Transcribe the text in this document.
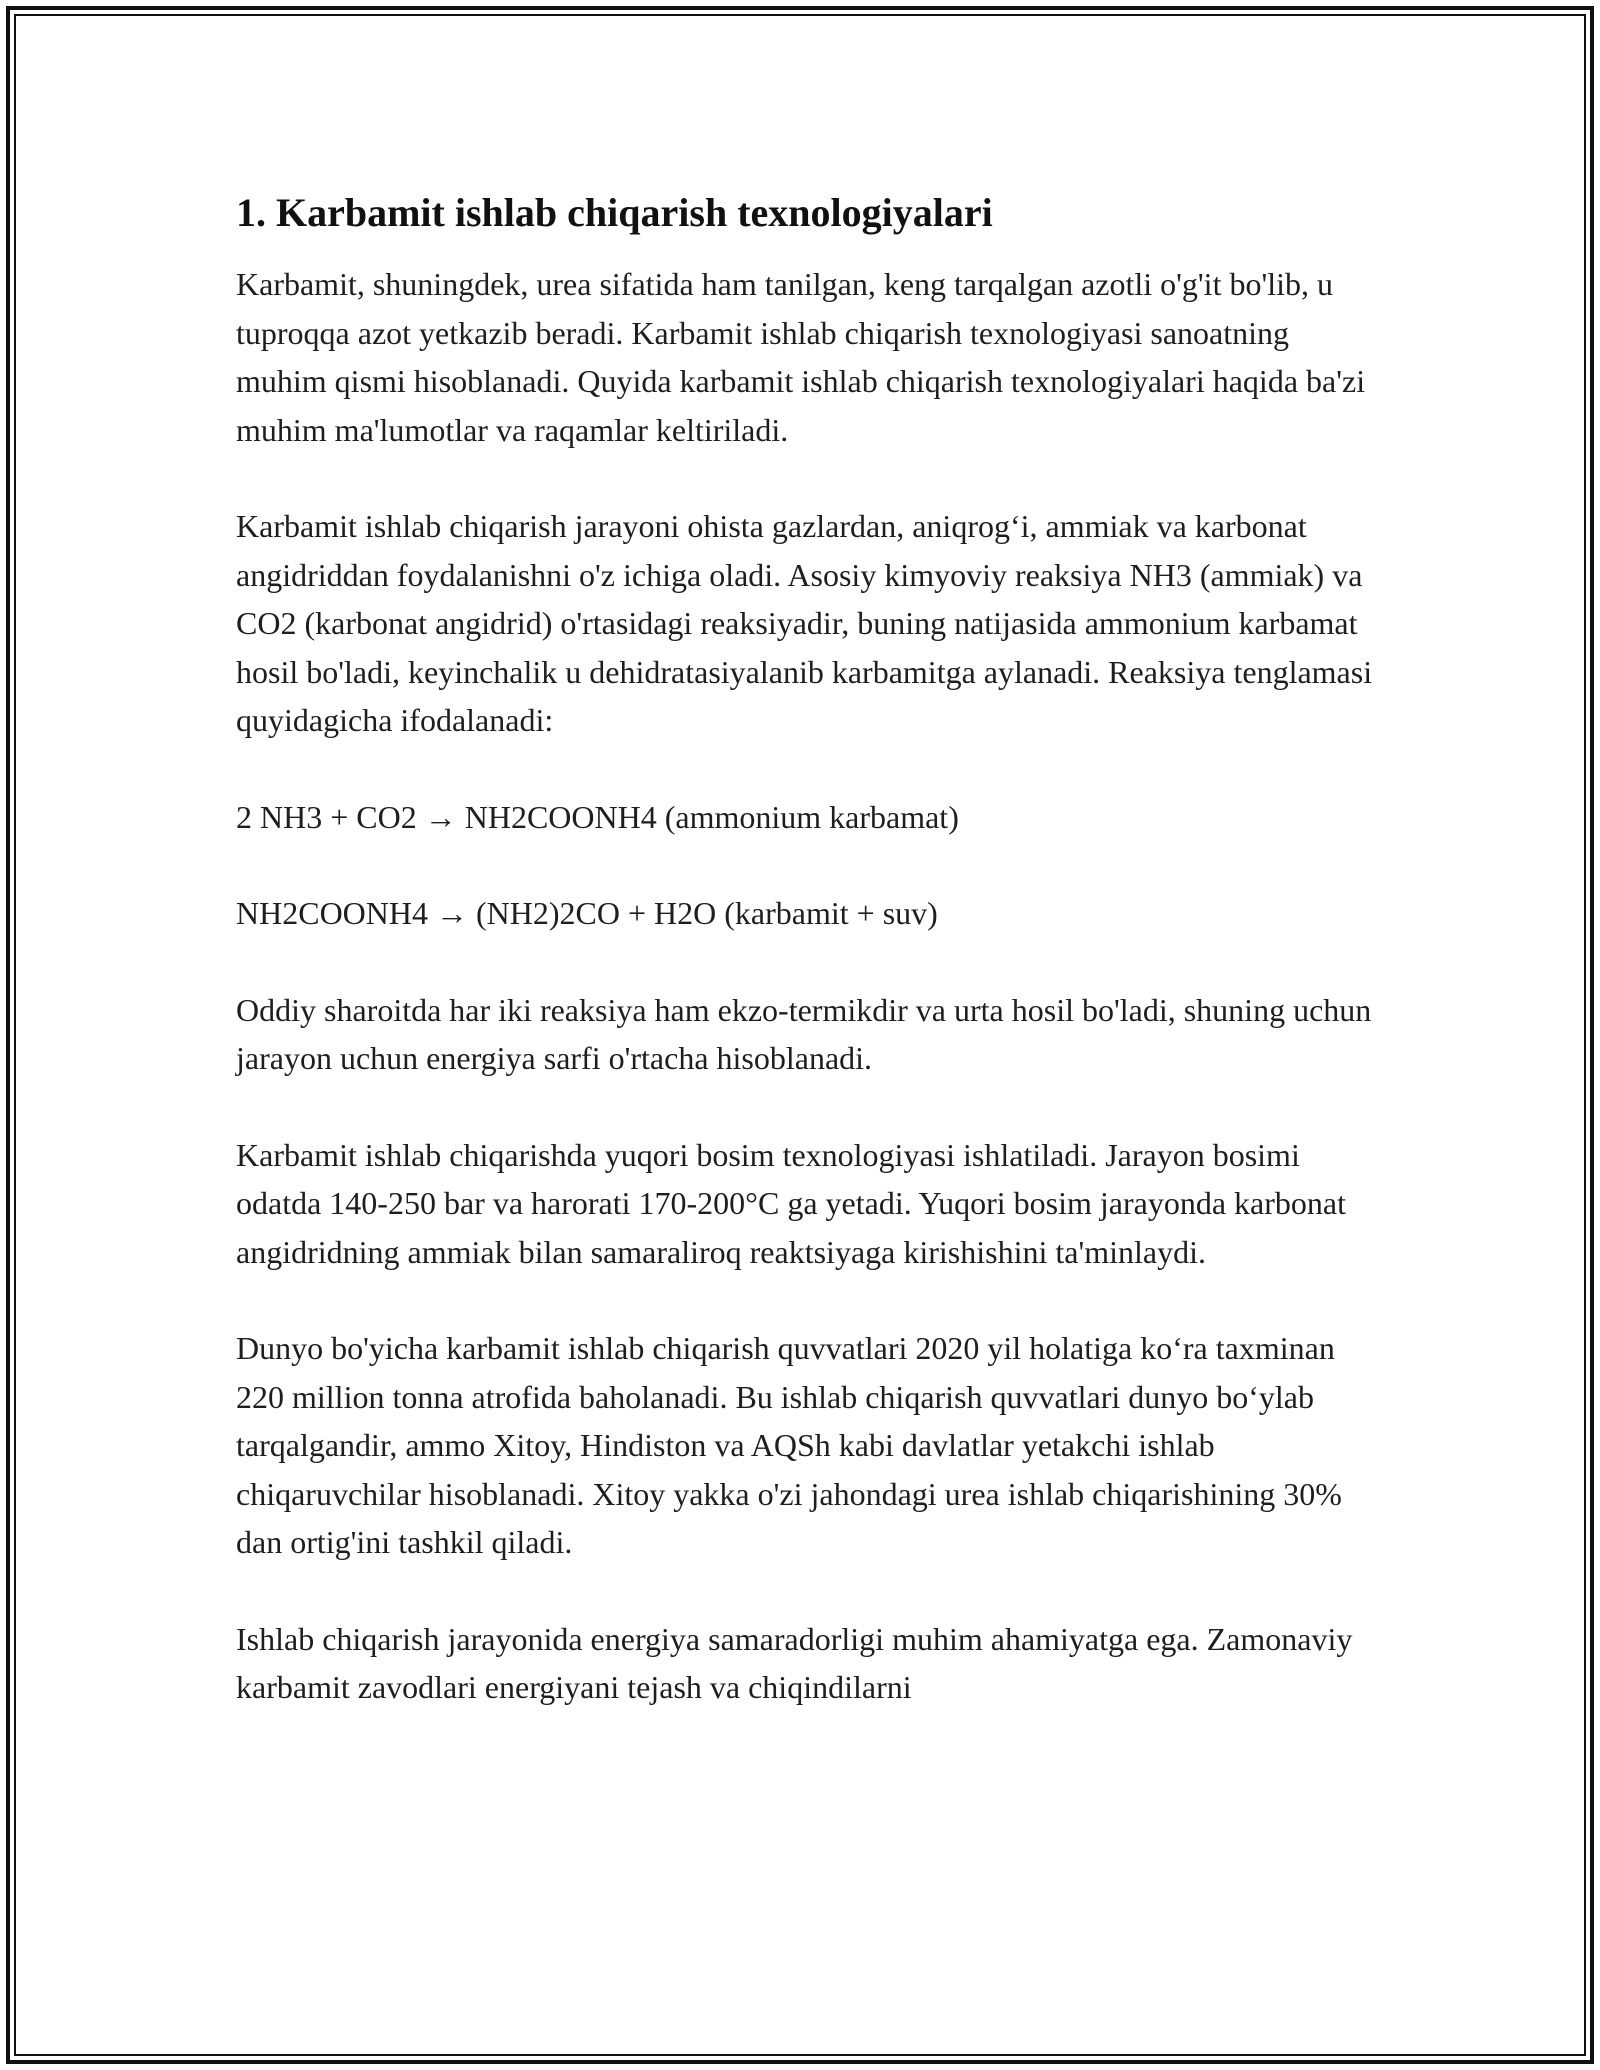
1. Karbamit ishlab chiqarish texnologiyalari

Karbamit, shuningdek, urea sifatida ham tanilgan, keng tarqalgan azotli o'g'it bo'lib, u tuproqqa azot yetkazib beradi. Karbamit ishlab chiqarish texnologiyasi sanoatning muhim qismi hisoblanadi. Quyida karbamit ishlab chiqarish texnologiyalari haqida ba'zi muhim ma'lumotlar va raqamlar keltiriladi.

Karbamit ishlab chiqarish jarayoni ohista gazlardan, aniqrog‘i, ammiak va karbonat angidriddan foydalanishni o'z ichiga oladi. Asosiy kimyoviy reaksiya NH3 (ammiak) va CO2 (karbonat angidrid) o'rtasidagi reaksiyadir, buning natijasida ammonium karbamat hosil bo'ladi, keyinchalik u dehidratasiyalanib karbamitga aylanadi. Reaksiya tenglamasi quyidagicha ifodalanadi:

2 NH3 + CO2 → NH2COONH4 (ammonium karbamat)

NH2COONH4 → (NH2)2CO + H2O (karbamit + suv)

Oddiy sharoitda har iki reaksiya ham ekzo-termikdir va urta hosil bo'ladi, shuning uchun jarayon uchun energiya sarfi o'rtacha hisoblanadi.

Karbamit ishlab chiqarishda yuqori bosim texnologiyasi ishlatiladi. Jarayon bosimi odatda 140-250 bar va harorati 170-200°C ga yetadi. Yuqori bosim jarayonda karbonat angidridning ammiak bilan samaraliroq reaktsiyaga kirishishini ta'minlaydi.

Dunyo bo'yicha karbamit ishlab chiqarish quvvatlari 2020 yil holatiga ko‘ra taxminan 220 million tonna atrofida baholanadi. Bu ishlab chiqarish quvvatlari dunyo bo‘ylab tarqalgandir, ammo Xitoy, Hindiston va AQSh kabi davlatlar yetakchi ishlab chiqaruvchilar hisoblanadi. Xitoy yakka o'zi jahondagi urea ishlab chiqarishining 30% dan ortig'ini tashkil qiladi.

Ishlab chiqarish jarayonida energiya samaradorligi muhim ahamiyatga ega. Zamonaviy karbamit zavodlari energiyani tejash va chiqindilarni
